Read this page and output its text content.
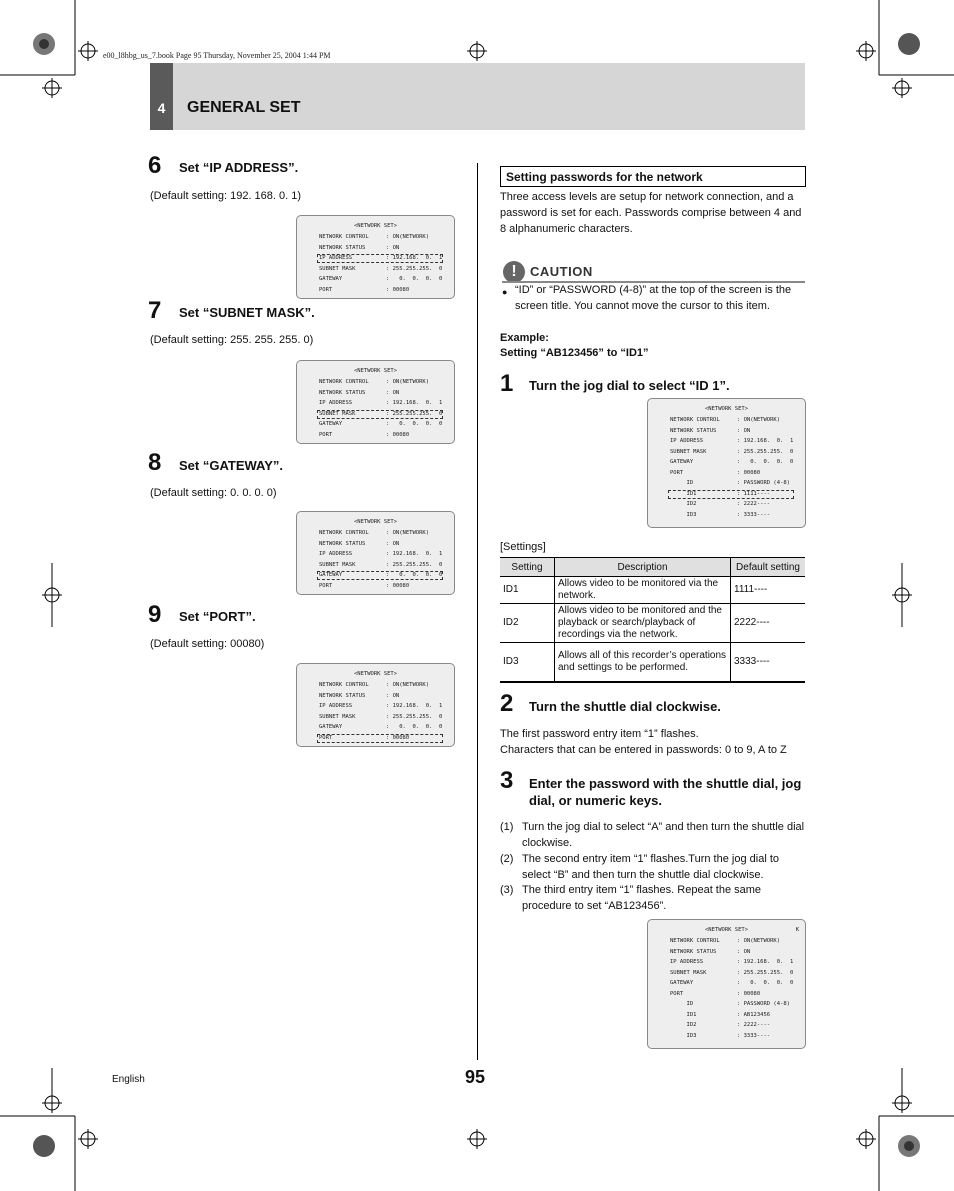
e00_l8hbg_us_7.book Page 95 Thursday, November 25, 2004 1:44 PM
4	GENERAL SET
6 Set “IP ADDRESS”.
(Default setting: 192. 168. 0. 1)
<NETWORK SET>
NETWORK CONTROL	: ON(NETWORK)
NETWORK STATUS	: ON
IP ADDRESS	: 192.168.  0.  1
SUBNET MASK	: 255.255.255.  0
GATEWAY	:   0.  0.  0.  0
PORT	: 00080
7 Set “SUBNET MASK”.
(Default setting: 255. 255. 255. 0)
<NETWORK SET>
NETWORK CONTROL	: ON(NETWORK)
NETWORK STATUS	: ON
IP ADDRESS	: 192.168.  0.  1
SUBNET MASK	: 255.255.255.  0
GATEWAY	:   0.  0.  0.  0
PORT	: 00080
8 Set “GATEWAY”.
(Default setting: 0. 0. 0. 0)
<NETWORK SET>
NETWORK CONTROL	: ON(NETWORK)
NETWORK STATUS	: ON
IP ADDRESS	: 192.168.  0.  1
SUBNET MASK	: 255.255.255.  0
GATEWAY	:   0.  0.  0.  0
PORT	: 00080
9 Set “PORT”.
(Default setting: 00080)
<NETWORK SET>
NETWORK CONTROL	: ON(NETWORK)
NETWORK STATUS	: ON
IP ADDRESS	: 192.168.  0.  1
SUBNET MASK	: 255.255.255.  0
GATEWAY	:   0.  0.  0.  0
PORT	: 00080
Setting passwords for the network
Three access levels are setup for network connection, and a password is set for each. Passwords comprise between 4 and 8 alphanumeric characters.
!	CAUTION
● “ID” or “PASSWORD (4-8)” at the top of the screen is the screen title. You cannot move the cursor to this item.
Example:
Setting “AB123456” to “ID1”
1 Turn the jog dial to select “ID 1”.
<NETWORK SET>
NETWORK CONTROL	: ON(NETWORK)
NETWORK STATUS	: ON
IP ADDRESS	: 192.168.  0.  1
SUBNET MASK	: 255.255.255.  0
GATEWAY	:   0.  0.  0.  0
PORT	: 00080
ID	: PASSWORD (4-8)
ID1	: 1111----
ID2	: 2222----
ID3	: 3333----
[Settings]
Setting	Description	Default setting
ID1	Allows video to be monitored via the network.	1111----
ID2	Allows video to be monitored and the playback or search/playback of recordings via the network.	2222----
ID3	Allows all of this recorder’s operations and settings to be performed.	3333----
2 Turn the shuttle dial clockwise.
The first password entry item “1” flashes.
Characters that can be entered in passwords: 0 to 9, A to Z
3 Enter the password with the shuttle dial, jog dial, or numeric keys.
(1) Turn the jog dial to select “A” and then turn the shuttle dial clockwise.
(2) The second entry item “1” flashes.Turn the jog dial to select “B” and then turn the shuttle dial clockwise.
(3) The third entry item “1” flashes. Repeat the same procedure to set “AB123456”.
<NETWORK SET>	K
NETWORK CONTROL	: ON(NETWORK)
NETWORK STATUS	: ON
IP ADDRESS	: 192.168.  0.  1
SUBNET MASK	: 255.255.255.  0
GATEWAY	:   0.  0.  0.  0
PORT	: 00080
ID	: PASSWORD (4-8)
ID1	: AB123456
ID2	: 2222----
ID3	: 3333----
English	95
